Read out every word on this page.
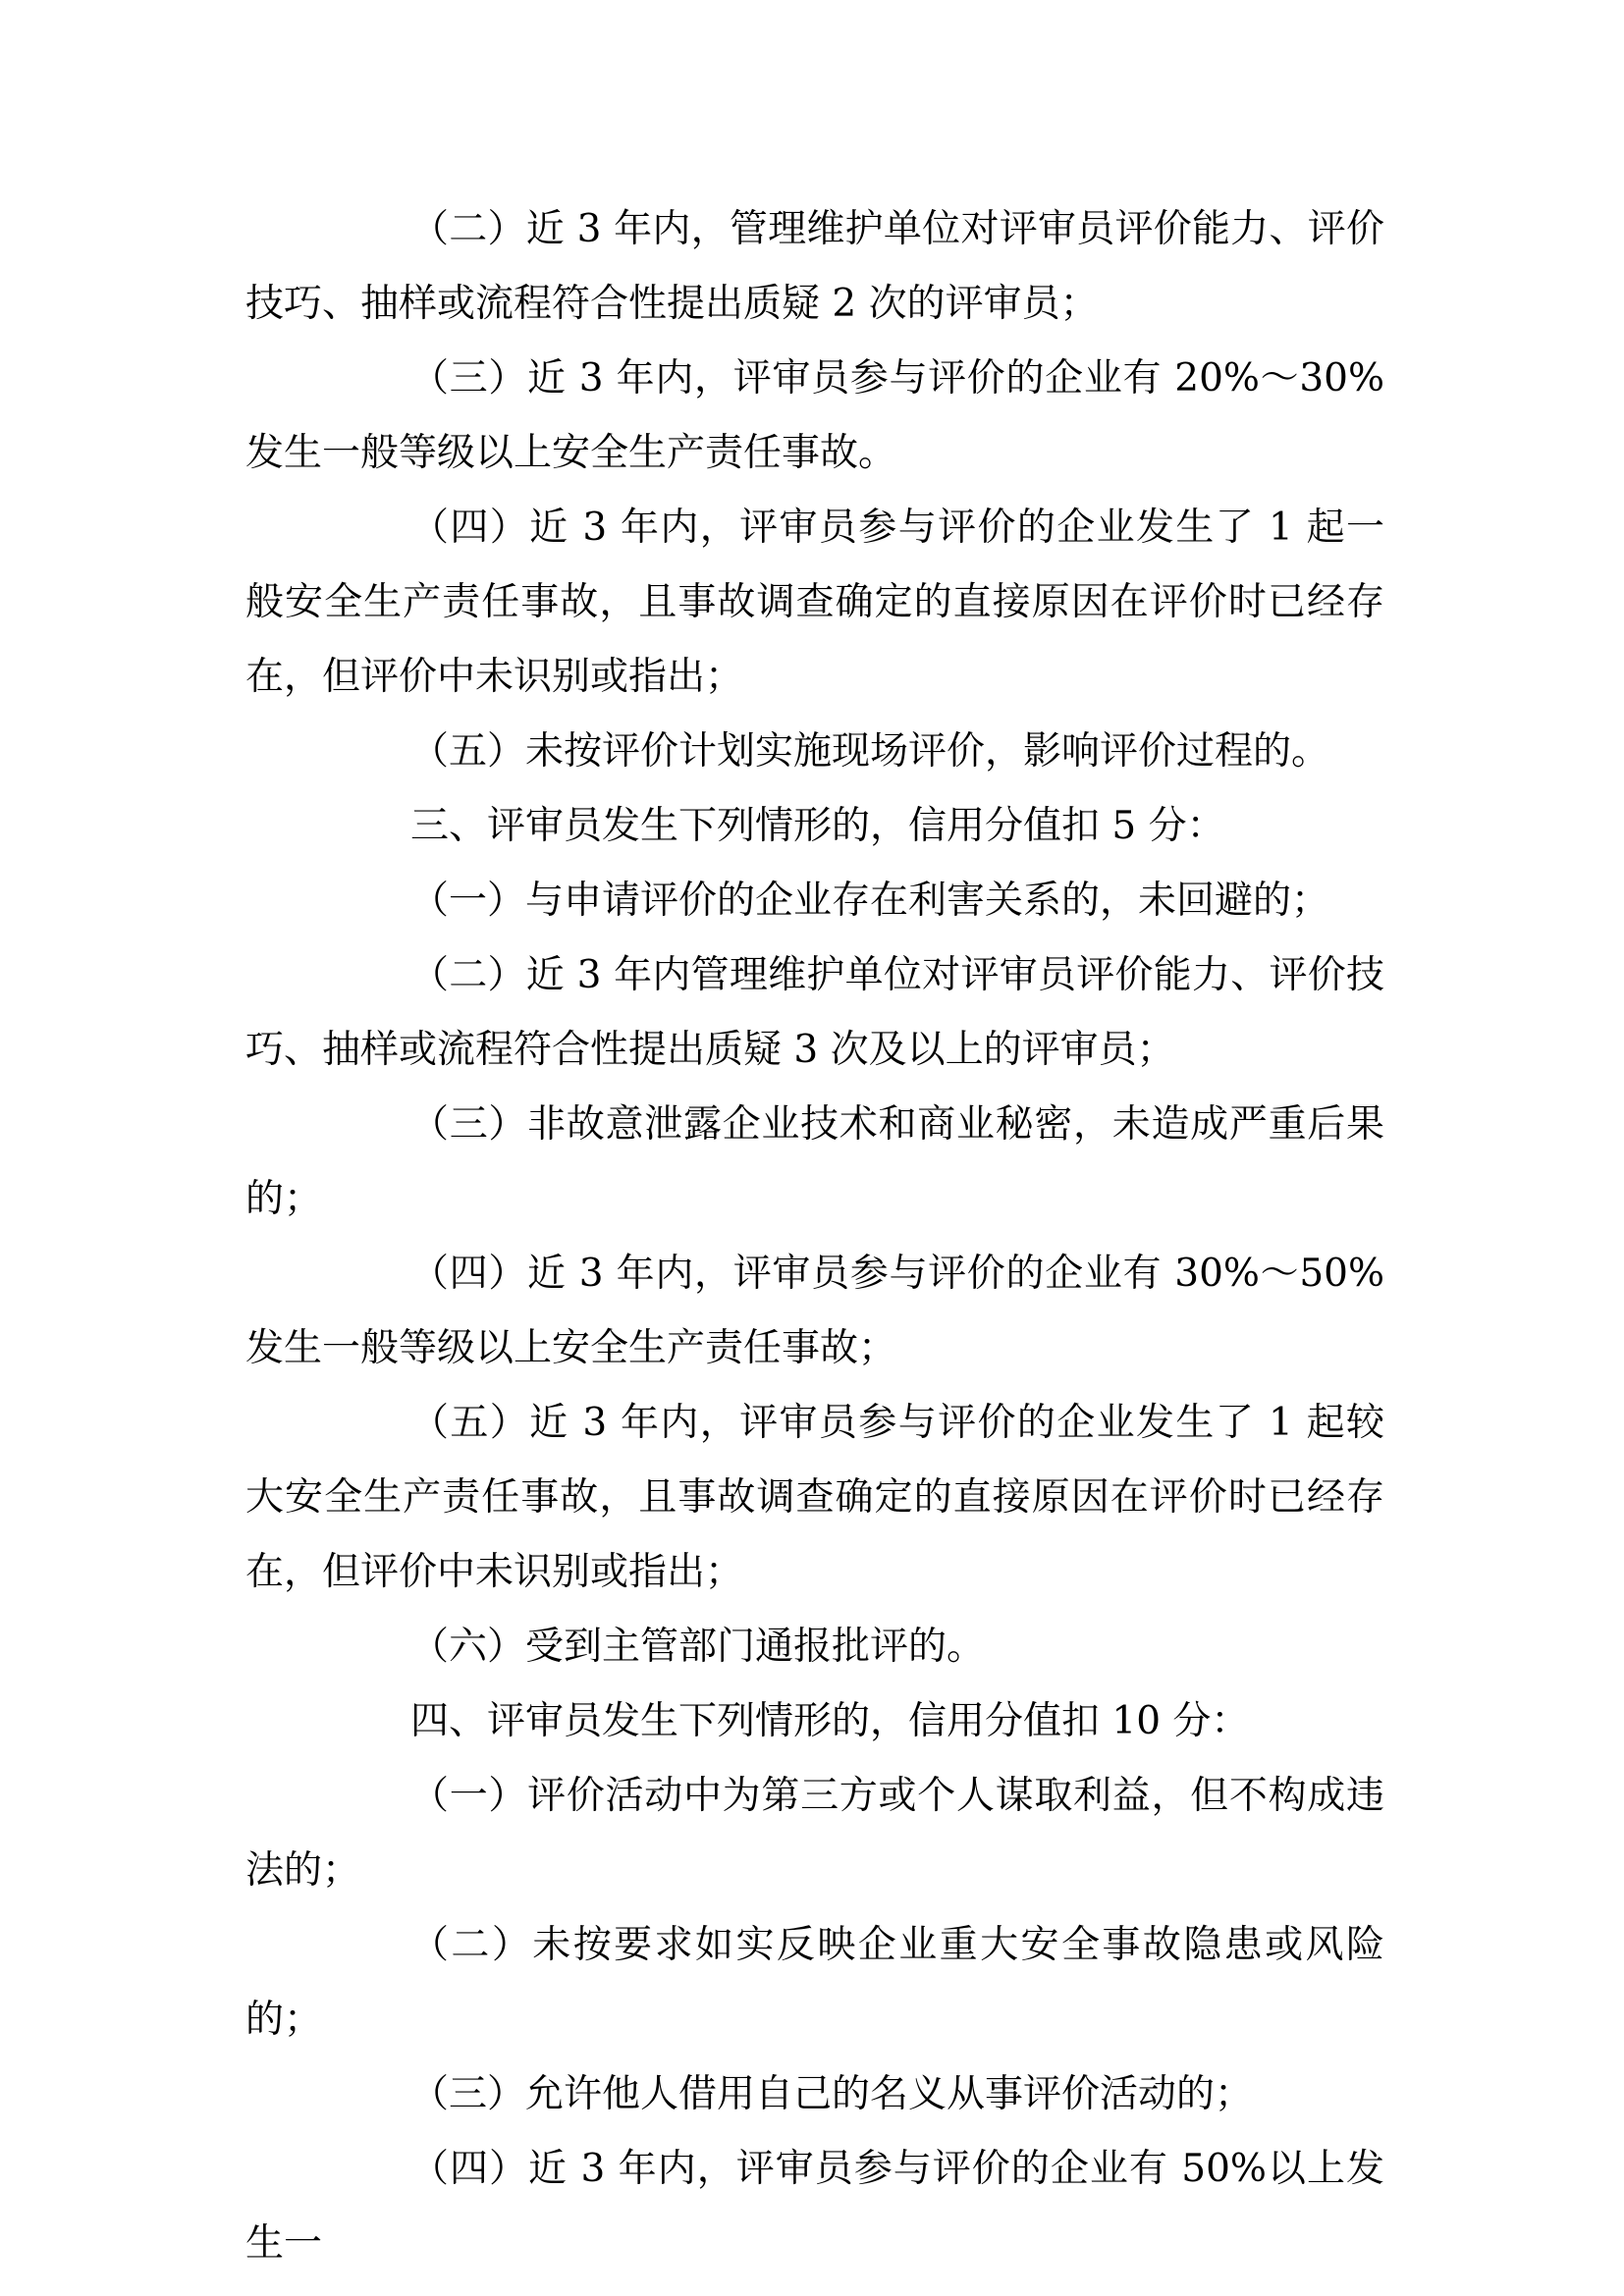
（二）近 3 年内，管理维护单位对评审员评价能力、评价技巧、抽样或流程符合性提出质疑 2 次的评审员；

（三）近 3 年内，评审员参与评价的企业有 20%～30%发生一般等级以上安全生产责任事故。

（四）近 3 年内，评审员参与评价的企业发生了 1 起一般安全生产责任事故，且事故调查确定的直接原因在评价时已经存在，但评价中未识别或指出；

（五）未按评价计划实施现场评价，影响评价过程的。

三、评审员发生下列情形的，信用分值扣 5 分：

（一）与申请评价的企业存在利害关系的，未回避的；

（二）近 3 年内管理维护单位对评审员评价能力、评价技巧、抽样或流程符合性提出质疑 3 次及以上的评审员；

（三）非故意泄露企业技术和商业秘密，未造成严重后果的；

（四）近 3 年内，评审员参与评价的企业有 30%～50%发生一般等级以上安全生产责任事故；

（五）近 3 年内，评审员参与评价的企业发生了 1 起较大安全生产责任事故，且事故调查确定的直接原因在评价时已经存在，但评价中未识别或指出；

（六）受到主管部门通报批评的。

四、评审员发生下列情形的，信用分值扣 10 分：

（一）评价活动中为第三方或个人谋取利益，但不构成违法的；

（二）未按要求如实反映企业重大安全事故隐患或风险的；

（三）允许他人借用自己的名义从事评价活动的；

（四）近 3 年内，评审员参与评价的企业有 50%以上发生一
